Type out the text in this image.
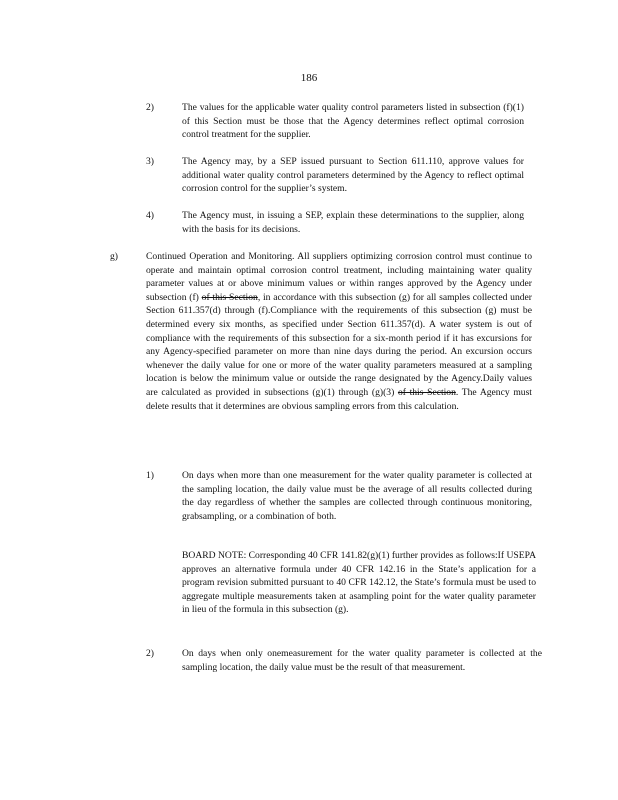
186
2)	The values for the applicable water quality control parameters listed in subsection (f)(1) of this Section must be those that the Agency determines reflect optimal corrosion control treatment for the supplier.
3)	The Agency may, by a SEP issued pursuant to Section 611.110, approve values for additional water quality control parameters determined by the Agency to reflect optimal corrosion control for the supplier’s system.
4)	The Agency must, in issuing a SEP, explain these determinations to the supplier, along with the basis for its decisions.
g)	Continued Operation and Monitoring. All suppliers optimizing corrosion control must continue to operate and maintain optimal corrosion control treatment, including maintaining water quality parameter values at or above minimum values or within ranges approved by the Agency under subsection (f) of this Section, in accordance with this subsection (g) for all samples collected under Section 611.357(d) through (f).Compliance with the requirements of this subsection (g) must be determined every six months, as specified under Section 611.357(d). A water system is out of compliance with the requirements of this subsection for a six-month period if it has excursions for any Agency-specified parameter on more than nine days during the period. An excursion occurs whenever the daily value for one or more of the water quality parameters measured at a sampling location is below the minimum value or outside the range designated by the Agency.Daily values are calculated as provided in subsections (g)(1) through (g)(3) of this Section. The Agency must delete results that it determines are obvious sampling errors from this calculation.
1)	On days when more than one measurement for the water quality parameter is collected at the sampling location, the daily value must be the average of all results collected during the day regardless of whether the samples are collected through continuous monitoring, grabsampling, or a combination of both.
BOARD NOTE: Corresponding 40 CFR 141.82(g)(1) further provides as follows:If USEPA approves an alternative formula under 40 CFR 142.16 in the State’s application for a program revision submitted pursuant to 40 CFR 142.12, the State’s formula must be used to aggregate multiple measurements taken at asampling point for the water quality parameter in lieu of the formula in this subsection (g).
2)	On days when only onemeasurement for the water quality parameter is collected at the sampling location, the daily value must be the result of that measurement.
